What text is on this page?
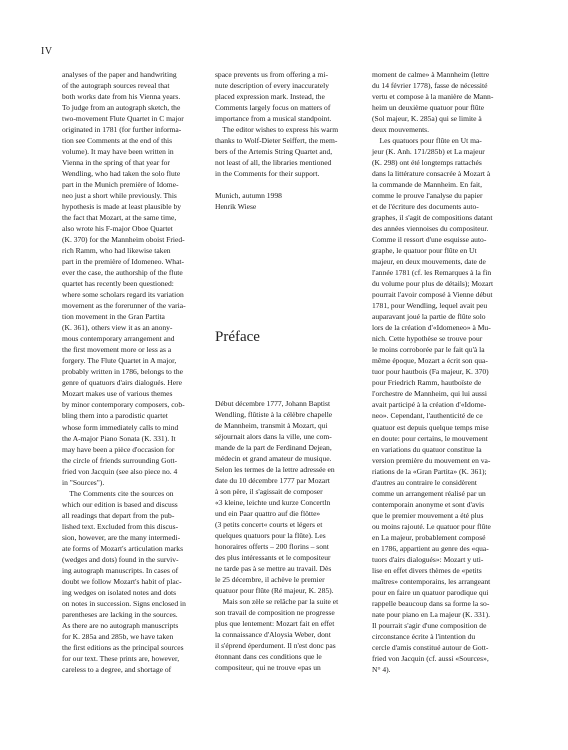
IV
analyses of the paper and handwriting
of the autograph sources reveal that
both works date from his Vienna years.
To judge from an autograph sketch, the
two-movement Flute Quartet in C major
originated in 1781 (for further informa-
tion see Comments at the end of this
volume). It may have been written in
Vienna in the spring of that year for
Wendling, who had taken the solo flute
part in the Munich première of Idome-
neo just a short while previously. This
hypothesis is made at least plausible by
the fact that Mozart, at the same time,
also wrote his F-major Oboe Quartet
(K. 370) for the Mannheim oboist Fried-
rich Ramm, who had likewise taken
part in the première of Idomeneo. What-
ever the case, the authorship of the flute
quartet has recently been questioned:
where some scholars regard its variation
movement as the forerunner of the varia-
tion movement in the Gran Partita
(K. 361), others view it as an anony-
mous contemporary arrangement and
the first movement more or less as a
forgery. The Flute Quartet in A major,
probably written in 1786, belongs to the
genre of quatuors d'airs dialogués. Here
Mozart makes use of various themes
by minor contemporary composers, cob-
bling them into a parodistic quartet
whose form immediately calls to mind
the A-major Piano Sonata (K. 331). It
may have been a pièce d'occasion for
the circle of friends surrounding Gott-
fried von Jacquin (see also piece no. 4
in "Sources").
The Comments cite the sources on
which our edition is based and discuss
all readings that depart from the pub-
lished text. Excluded from this discus-
sion, however, are the many intermedi-
ate forms of Mozart's articulation marks
(wedges and dots) found in the surviv-
ing autograph manuscripts. In cases of
doubt we follow Mozart's habit of plac-
ing wedges on isolated notes and dots
on notes in succession. Signs enclosed in
parentheses are lacking in the sources.
As there are no autograph manuscripts
for K. 285a and 285b, we have taken
the first editions as the principal sources
for our text. These prints are, however,
careless to a degree, and shortage of
space prevents us from offering a mi-
nute description of every inaccurately
placed expression mark. Instead, the
Comments largely focus on matters of
importance from a musical standpoint.
The editor wishes to express his warm
thanks to Wolf-Dieter Seiffert, the mem-
bers of the Artemis String Quartet and,
not least of all, the libraries mentioned
in the Comments for their support.
Munich, autumn 1998
Henrik Wiese
Préface
Début décembre 1777, Johann Baptist
Wendling, flûtiste à la célèbre chapelle
de Mannheim, transmit à Mozart, qui
séjournait alors dans la ville, une com-
mande de la part de Ferdinand Dejean,
médecin et grand amateur de musique.
Selon les termes de la lettre adressée en
date du 10 décembre 1777 par Mozart
à son père, il s'agissait de composer
«3 kleine, leichte und kurze Concertln
und ein Paar quattro auf die flötte»
(3 petits concert« courts et légers et
quelques quatuors pour la flûte). Les
honoraires offerts – 200 florins – sont
des plus intéressants et le compositeur
ne tarde pas à se mettre au travail. Dès
le 25 décembre, il achève le premier
quatuor pour flûte (Ré majeur, K. 285).
Mais son zèle se relâche par la suite et
son travail de composition ne progresse
plus que lentement: Mozart fait en effet
la connaissance d'Aloysia Weber, dont
il s'éprend éperdument. Il n'est donc pas
étonnant dans ces conditions que le
compositeur, qui ne trouve «pas un
moment de calme» à Mannheim (lettre
du 14 février 1778), fasse de nécessité
vertu et compose à la manière de Mann-
heim un deuxième quatuor pour flûte
(Sol majeur, K. 285a) qui se limite à
deux mouvements.
Les quatuors pour flûte en Ut ma-
jeur (K. Anh. 171/285b) et La majeur
(K. 298) ont été longtemps rattachés
dans la littérature consacrée à Mozart à
la commande de Mannheim. En fait,
comme le prouve l'analyse du papier
et de l'écriture des documents auto-
graphes, il s'agit de compositions datant
des années viennoises du compositeur.
Comme il ressort d'une esquisse auto-
graphe, le quatuor pour flûte en Ut
majeur, en deux mouvements, date de
l'année 1781 (cf. les Remarques à la fin
du volume pour plus de détails); Mozart
pourrait l'avoir composé à Vienne début
1781, pour Wendling, lequel avait peu
auparavant joué la partie de flûte solo
lors de la création d'«Idomeneo» à Mu-
nich. Cette hypothèse se trouve pour
le moins corroborée par le fait qu'à la
même époque, Mozart a écrit son qua-
tuor pour hautbois (Fa majeur, K. 370)
pour Friedrich Ramm, hautboïste de
l'orchestre de Mannheim, qui lui aussi
avait participé à la création d'«Idome-
neo». Cependant, l'authenticité de ce
quatuor est depuis quelque temps mise
en doute: pour certains, le mouvement
en variations du quatuor constitue la
version première du mouvement en va-
riations de la «Gran Partita» (K. 361);
d'autres au contraire le considèrent
comme un arrangement réalisé par un
contemporain anonyme et sont d'avis
que le premier mouvement a été plus
ou moins rajouté. Le quatuor pour flûte
en La majeur, probablement composé
en 1786, appartient au genre des «qua-
tuors d'airs dialogués»: Mozart y uti-
lise en effet divers thèmes de «petits
maîtres» contemporains, les arrangeant
pour en faire un quatuor parodique qui
rappelle beaucoup dans sa forme la so-
nate pour piano en La majeur (K. 331).
Il pourrait s'agir d'une composition de
circonstance écrite à l'intention du
cercle d'amis constitué autour de Gott-
fried von Jacquin (cf. aussi «Sources»,
N° 4).
